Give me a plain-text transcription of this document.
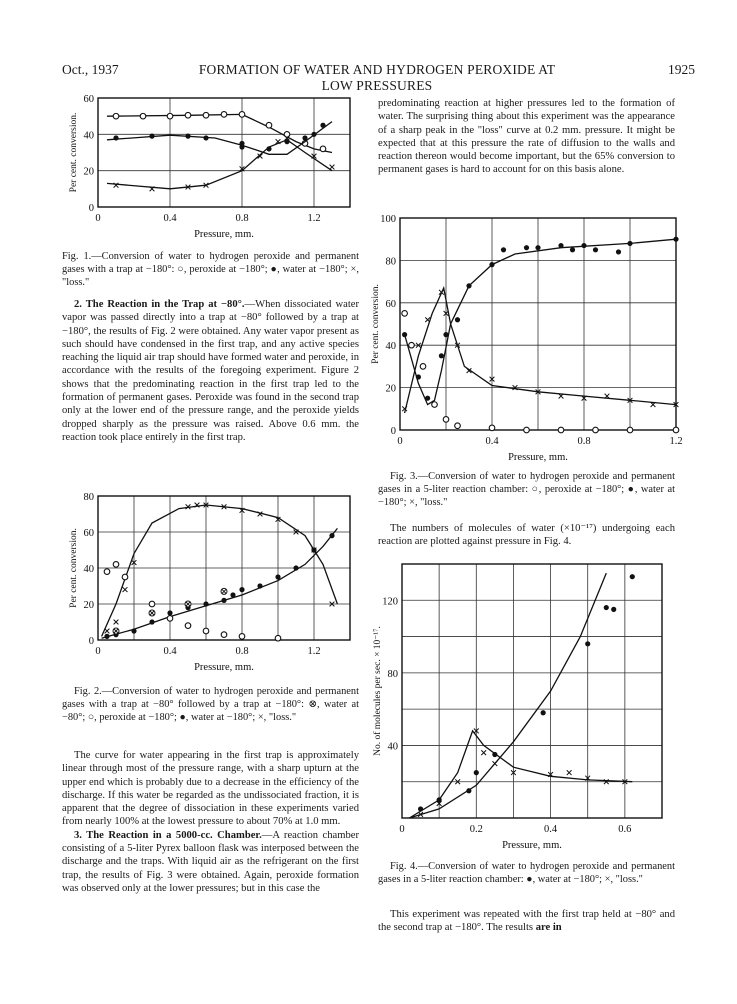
Oct., 1937	FORMATION OF WATER AND HYDROGEN PEROXIDE AT LOW PRESSURES
1925
0	0.4	0.8	1.2
0
20
40
60
Pressure, mm.
Per cent. conversion.

Fig. 1.—Conversion of water to hydrogen peroxide and permanent gases with a trap at −180°: ○, peroxide at −180°; ●, water at −180°; ×, "loss."

2. The Reaction in the Trap at −80°.—When dissociated water vapor was passed directly into a trap at −80° followed by a trap at −180°, the results of Fig. 2 were obtained. Any water vapor present as such should have condensed in the first trap, and any active species reaching the liquid air trap should have formed water and peroxide, in accordance with the results of the foregoing experiment. Figure 2 shows that the predominating reaction in the first trap led to the formation of permanent gases. Peroxide was found in the second trap only at the lower end of the pressure range, and the peroxide yields dropped sharply as the pressure was raised. Above 0.6 mm. the reaction took place entirely in the first trap.

0	0.4	0.8	1.2
0
20
40
60
80
Pressure, mm.
Per cent. conversion.

Fig. 2.—Conversion of water to hydrogen peroxide and permanent gases with a trap at −80° followed by a trap at −180°: ⊗, water at −80°; ○, peroxide at −180°; ●, water at −180°; ×, "loss."

The curve for water appearing in the first trap is approximately linear through most of the pressure range, with a sharp upturn at the upper end which is probably due to a decrease in the efficiency of the discharge. If this water be regarded as the undissociated fraction, it is apparent that the degree of dissociation in these experiments varied from nearly 100% at the lowest pressure to about 70% at 1.0 mm.

3. The Reaction in a 5000-cc. Chamber.—A reaction chamber consisting of a 5-liter Pyrex balloon flask was interposed between the discharge and the traps. With liquid air as the refrigerant on the first trap, the results of Fig. 3 were obtained. Again, peroxide formation was observed only at the lower pressures; but in this case the

predominating reaction at higher pressures led to the formation of water. The surprising thing about this experiment was the appearance of a sharp peak in the "loss" curve at 0.2 mm. pressure. It might be expected that at this pressure the rate of diffusion to the walls and reaction thereon would become important, but the 65% conversion to permanent gases is hard to account for on this basis alone.

0	0.4	0.8	1.2
0
20
40
60
80
100
Pressure, mm.
Per cent. conversion.

Fig. 3.—Conversion of water to hydrogen peroxide and permanent gases in a 5-liter reaction chamber: ○, peroxide at −180°; ●, water at −180°; ×, "loss."

The numbers of molecules of water (×10⁻¹⁷) undergoing each reaction are plotted against pressure in Fig. 4.

0	0.2	0.4	0.6
40
80
120
Pressure, mm.
No. of molecules per sec. × 10⁻¹⁷.

Fig. 4.—Conversion of water to hydrogen peroxide and permanent gases in a 5-liter reaction chamber: ●, water at −180°; ×, "loss."

This experiment was repeated with the first trap held at −80° and the second trap at −180°. The results are in
